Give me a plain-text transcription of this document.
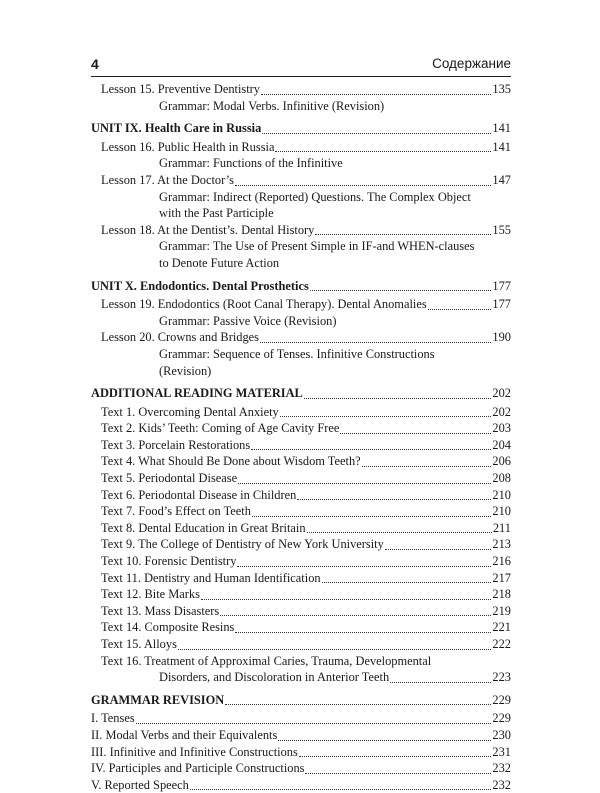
4	Содержание
Lesson 15. Preventive Dentistry	135
Grammar: Modal Verbs. Infinitive (Revision)
UNIT IX. Health Care in Russia	141
Lesson 16. Public Health in Russia	141
Grammar: Functions of the Infinitive
Lesson 17. At the Doctor’s	147
Grammar: Indirect (Reported) Questions. The Complex Object
with the Past Participle
Lesson 18. At the Dentist’s. Dental History	155
Grammar: The Use of Present Simple in IF-and WHEN-clauses
to Denote Future Action
UNIT X. Endodontics. Dental Prosthetics	177
Lesson 19. Endodontics (Root Canal Therapy). Dental Anomalies	177
Grammar: Passive Voice (Revision)
Lesson 20. Crowns and Bridges	190
Grammar: Sequence of Tenses. Infinitive Constructions
(Revision)
ADDITIONAL READING MATERIAL	202
Text 1. Overcoming Dental Anxiety	202
Text 2. Kids’ Teeth: Coming of Age Cavity Free	203
Text 3. Porcelain Restorations	204
Text 4. What Should Be Done about Wisdom Teeth?	206
Text 5. Periodontal Disease	208
Text 6. Periodontal Disease in Children	210
Text 7. Food’s Effect on Teeth	210
Text 8. Dental Education in Great Britain	211
Text 9. The College of Dentistry of New York University	213
Text 10. Forensic Dentistry	216
Text 11. Dentistry and Human Identification	217
Text 12. Bite Marks	218
Text 13. Mass Disasters	219
Text 14. Composite Resins	221
Text 15. Alloys	222
Text 16. Treatment of Approximal Caries, Trauma, Developmental
Disorders, and Discoloration in Anterior Teeth	223
GRAMMAR REVISION	229
I. Tenses	229
II. Modal Verbs and their Equivalents	230
III. Infinitive and Infinitive Constructions	231
IV. Participles and Participle Constructions	232
V. Reported Speech	232
